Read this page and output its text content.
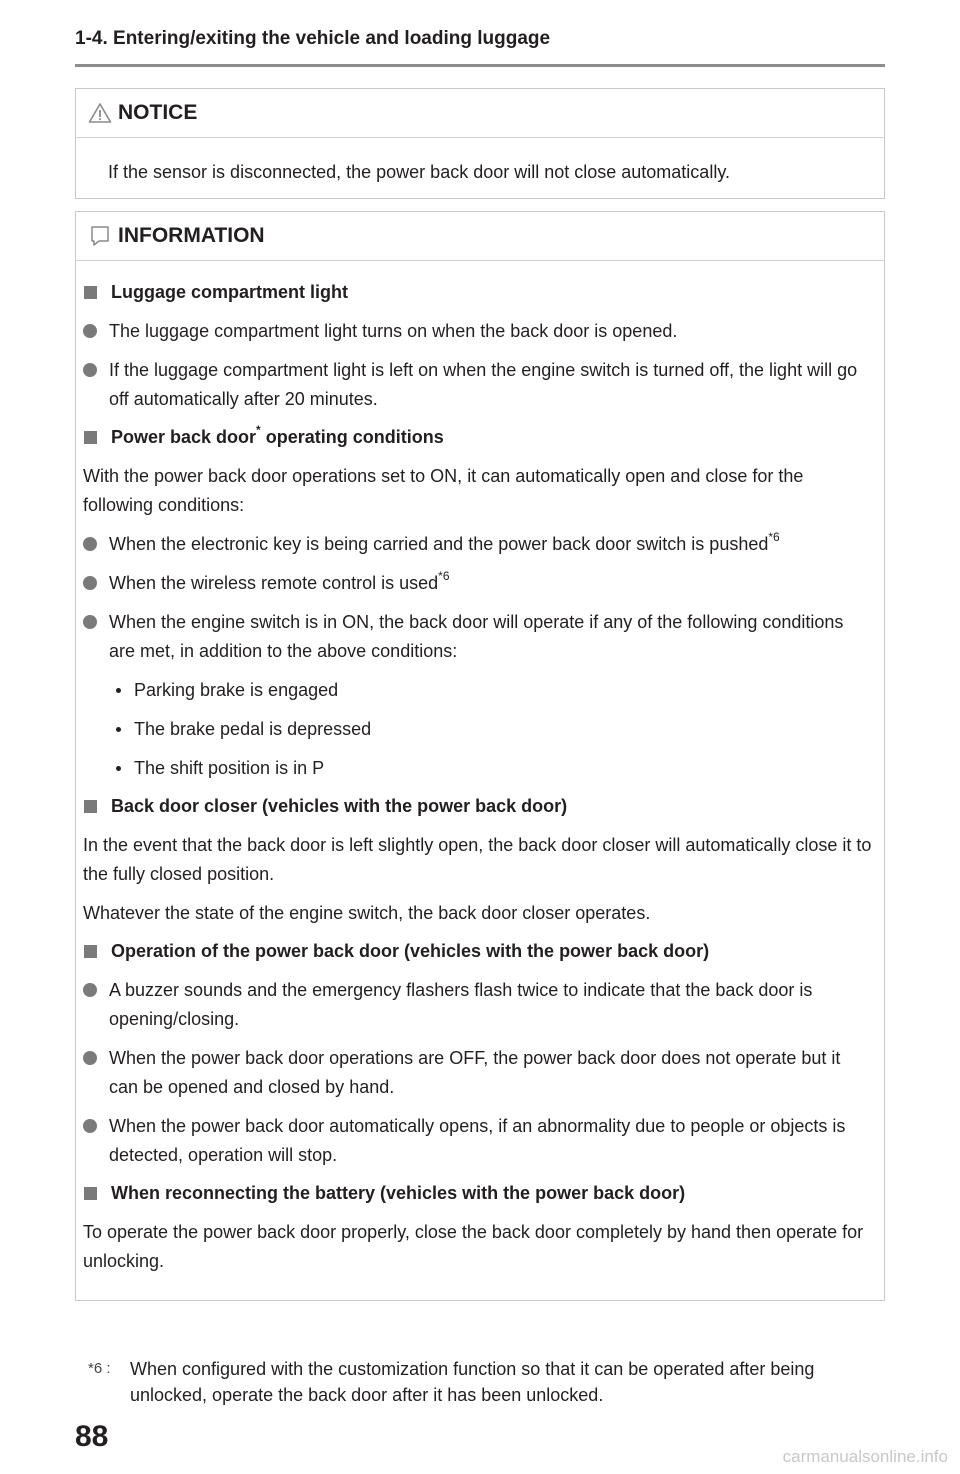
1-4. Entering/exiting the vehicle and loading luggage
NOTICE
If the sensor is disconnected, the power back door will not close automatically.
INFORMATION
Luggage compartment light
The luggage compartment light turns on when the back door is opened.
If the luggage compartment light is left on when the engine switch is turned off, the light will go off automatically after 20 minutes.
Power back door* operating conditions
With the power back door operations set to ON, it can automatically open and close for the following conditions:
When the electronic key is being carried and the power back door switch is pushed$^{*6}$
When the wireless remote control is used$^{*6}$
When the engine switch is in ON, the back door will operate if any of the following conditions are met, in addition to the above conditions:
Parking brake is engaged
The brake pedal is depressed
The shift position is in P
Back door closer (vehicles with the power back door)
In the event that the back door is left slightly open, the back door closer will automatically close it to the fully closed position.
Whatever the state of the engine switch, the back door closer operates.
Operation of the power back door (vehicles with the power back door)
A buzzer sounds and the emergency flashers flash twice to indicate that the back door is opening/closing.
When the power back door operations are OFF, the power back door does not operate but it can be opened and closed by hand.
When the power back door automatically opens, if an abnormality due to people or objects is detected, operation will stop.
When reconnecting the battery (vehicles with the power back door)
To operate the power back door properly, close the back door completely by hand then operate for unlocking.
*6 :	When configured with the customization function so that it can be operated after being unlocked, operate the back door after it has been unlocked.
88
carmanualsonline.info
